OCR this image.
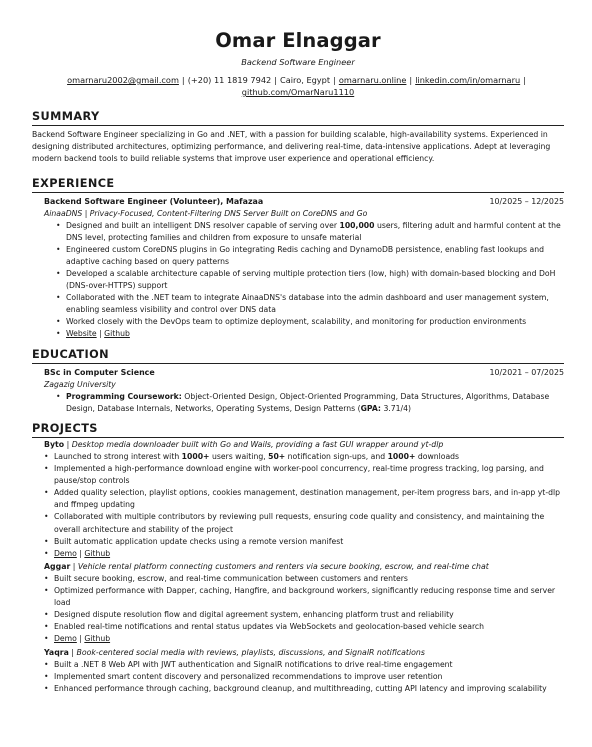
Omar Elnaggar
Backend Software Engineer
omarnaru2002@gmail.com | (+20) 11 1819 7942 | Cairo, Egypt | omarnaru.online | linkedin.com/in/omarnaru |
github.com/OmarNaru1110
SUMMARY
Backend Software Engineer specializing in Go and .NET, with a passion for building scalable, high-availability systems. Experienced in designing distributed architectures, optimizing performance, and delivering real-time, data-intensive applications. Adept at leveraging modern backend tools to build reliable systems that improve user experience and operational efficiency.
EXPERIENCE
Backend Software Engineer (Volunteer), Mafazaa	10/2025 – 12/2025
AinaaDNS | Privacy-Focused, Content-Filtering DNS Server Built on CoreDNS and Go
• Designed and built an intelligent DNS resolver capable of serving over 100,000 users, filtering adult and harmful content at the DNS level, protecting families and children from exposure to unsafe material
• Engineered custom CoreDNS plugins in Go integrating Redis caching and DynamoDB persistence, enabling fast lookups and adaptive caching based on query patterns
• Developed a scalable architecture capable of serving multiple protection tiers (low, high) with domain-based blocking and DoH (DNS-over-HTTPS) support
• Collaborated with the .NET team to integrate AinaaDNS's database into the admin dashboard and user management system, enabling seamless visibility and control over DNS data
• Worked closely with the DevOps team to optimize deployment, scalability, and monitoring for production environments
• Website | Github
EDUCATION
BSc in Computer Science	10/2021 – 07/2025
Zagazig University
• Programming Coursework: Object-Oriented Design, Object-Oriented Programming, Data Structures, Algorithms, Database Design, Database Internals, Networks, Operating Systems, Design Patterns (GPA: 3.71/4)
PROJECTS
Byto | Desktop media downloader built with Go and Wails, providing a fast GUI wrapper around yt-dlp
• Launched to strong interest with 1000+ users waiting, 50+ notification sign-ups, and 1000+ downloads
• Implemented a high-performance download engine with worker-pool concurrency, real-time progress tracking, log parsing, and pause/stop controls
• Added quality selection, playlist options, cookies management, destination management, per-item progress bars, and in-app yt-dlp and ffmpeg updating
• Collaborated with multiple contributors by reviewing pull requests, ensuring code quality and consistency, and maintaining the overall architecture and stability of the project
• Built automatic application update checks using a remote version manifest
• Demo | Github
Aggar | Vehicle rental platform connecting customers and renters via secure booking, escrow, and real-time chat
• Built secure booking, escrow, and real-time communication between customers and renters
• Optimized performance with Dapper, caching, Hangfire, and background workers, significantly reducing response time and server load
• Designed dispute resolution flow and digital agreement system, enhancing platform trust and reliability
• Enabled real-time notifications and rental status updates via WebSockets and geolocation-based vehicle search
• Demo | Github
Yaqra | Book-centered social media with reviews, playlists, discussions, and SignalR notifications
• Built a .NET 8 Web API with JWT authentication and SignalR notifications to drive real-time engagement
• Implemented smart content discovery and personalized recommendations to improve user retention
• Enhanced performance through caching, background cleanup, and multithreading, cutting API latency and improving scalability
